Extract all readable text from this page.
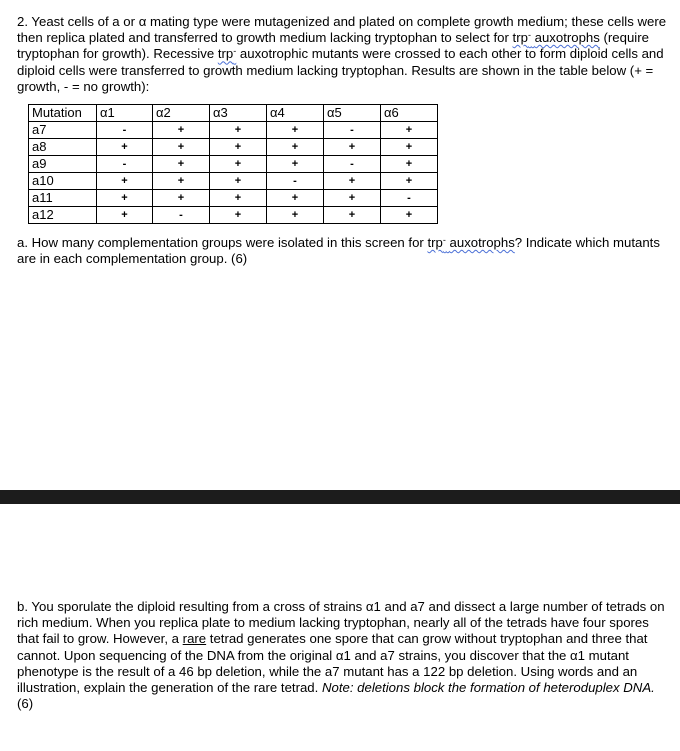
2. Yeast cells of a or α mating type were mutagenized and plated on complete growth medium; these cells were then replica plated and transferred to growth medium lacking tryptophan to select for trp- auxotrophs (require tryptophan for growth). Recessive trp- auxotrophic mutants were crossed to each other to form diploid cells and diploid cells were transferred to growth medium lacking tryptophan. Results are shown in the table below (+ = growth, - = no growth):

Mutation	α1	α2	α3	α4	α5	α6
a7	-	+	+	+	-	+
a8	+	+	+	+	+	+
a9	-	+	+	+	-	+
a10	+	+	+	-	+	+
a11	+	+	+	+	+	-
a12	+	-	+	+	+	+

a. How many complementation groups were isolated in this screen for trp- auxotrophs? Indicate which mutants are in each complementation group. (6)

b. You sporulate the diploid resulting from a cross of strains α1 and a7 and dissect a large number of tetrads on rich medium. When you replica plate to medium lacking tryptophan, nearly all of the tetrads have four spores that fail to grow. However, a rare tetrad generates one spore that can grow without tryptophan and three that cannot. Upon sequencing of the DNA from the original α1 and a7 strains, you discover that the α1 mutant phenotype is the result of a 46 bp deletion, while the a7 mutant has a 122 bp deletion. Using words and an illustration, explain the generation of the rare tetrad. Note: deletions block the formation of heteroduplex DNA. (6)
